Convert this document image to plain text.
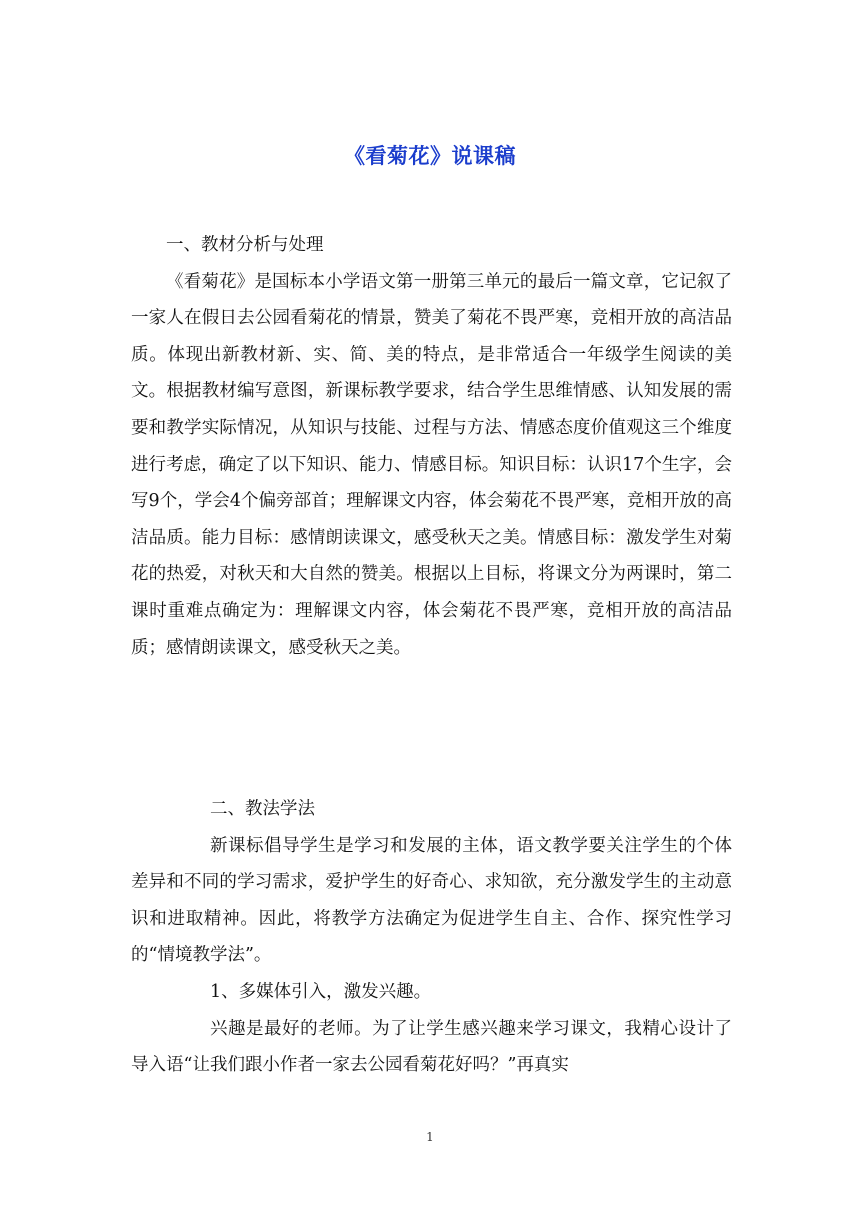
《看菊花》说课稿

一、教材分析与处理

《看菊花》是国标本小学语文第一册第三单元的最后一篇文章，它记叙了一家人在假日去公园看菊花的情景，赞美了菊花不畏严寒，竞相开放的高洁品质。体现出新教材新、实、简、美的特点，是非常适合一年级学生阅读的美文。根据教材编写意图，新课标教学要求，结合学生思维情感、认知发展的需要和教学实际情况，从知识与技能、过程与方法、情感态度价值观这三个维度进行考虑，确定了以下知识、能力、情感目标。知识目标：认识17个生字，会写9个，学会4个偏旁部首；理解课文内容，体会菊花不畏严寒，竞相开放的高洁品质。能力目标：感情朗读课文，感受秋天之美。情感目标：激发学生对菊花的热爱，对秋天和大自然的赞美。根据以上目标，将课文分为两课时，第二课时重难点确定为：理解课文内容，体会菊花不畏严寒，竞相开放的高洁品质；感情朗读课文，感受秋天之美。

二、教法学法

新课标倡导学生是学习和发展的主体，语文教学要关注学生的个体差异和不同的学习需求，爱护学生的好奇心、求知欲，充分激发学生的主动意识和进取精神。因此，将教学方法确定为促进学生自主、合作、探究性学习的“情境教学法”。

1、多媒体引入，激发兴趣。

兴趣是最好的老师。为了让学生感兴趣来学习课文，我精心设计了导入语“让我们跟小作者一家去公园看菊花好吗？”再真实

1
